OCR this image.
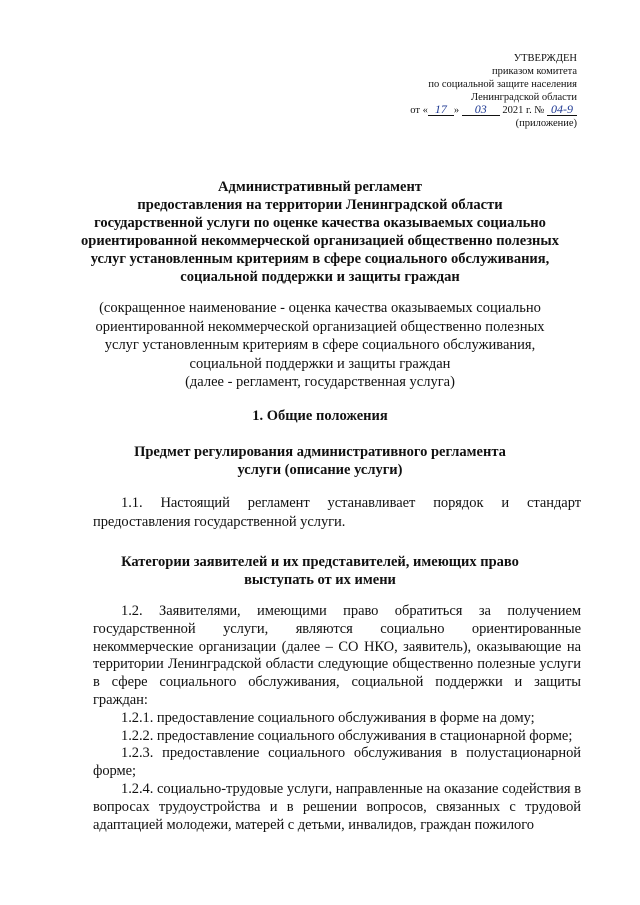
УТВЕРЖДЕН
приказом комитета
по социальной защите населения
Ленинградской области
от « 17 » 03 2021 г. № 04-9
(приложение)
Административный регламент
предоставления на территории Ленинградской области
государственной услуги по оценке качества оказываемых социально
ориентированной некоммерческой организацией общественно полезных
услуг установленным критериям в сфере социального обслуживания,
социальной поддержки и защиты граждан
(сокращенное наименование - оценка качества оказываемых социально
ориентированной некоммерческой организацией общественно полезных
услуг установленным критериям в сфере социального обслуживания,
социальной поддержки и защиты граждан
(далее - регламент, государственная услуга)
1. Общие положения
Предмет регулирования административного регламента
услуги (описание услуги)

1.1. Настоящий регламент устанавливает порядок и стандарт предоставления государственной услуги.

Категории заявителей и их представителей, имеющих право
выступать от их имени

1.2. Заявителями, имеющими право обратиться за получением государственной услуги, являются социально ориентированные некоммерческие организации (далее – СО НКО, заявитель), оказывающие на территории Ленинградской области следующие общественно полезные услуги в сфере социального обслуживания, социальной поддержки и защиты граждан:

1.2.1. предоставление социального обслуживания в форме на дому;

1.2.2. предоставление социального обслуживания в стационарной форме;

1.2.3. предоставление социального обслуживания в полустационарной форме;

1.2.4. социально-трудовые услуги, направленные на оказание содействия в вопросах трудоустройства и в решении вопросов, связанных с трудовой адаптацией молодежи, матерей с детьми, инвалидов, граждан пожилого
